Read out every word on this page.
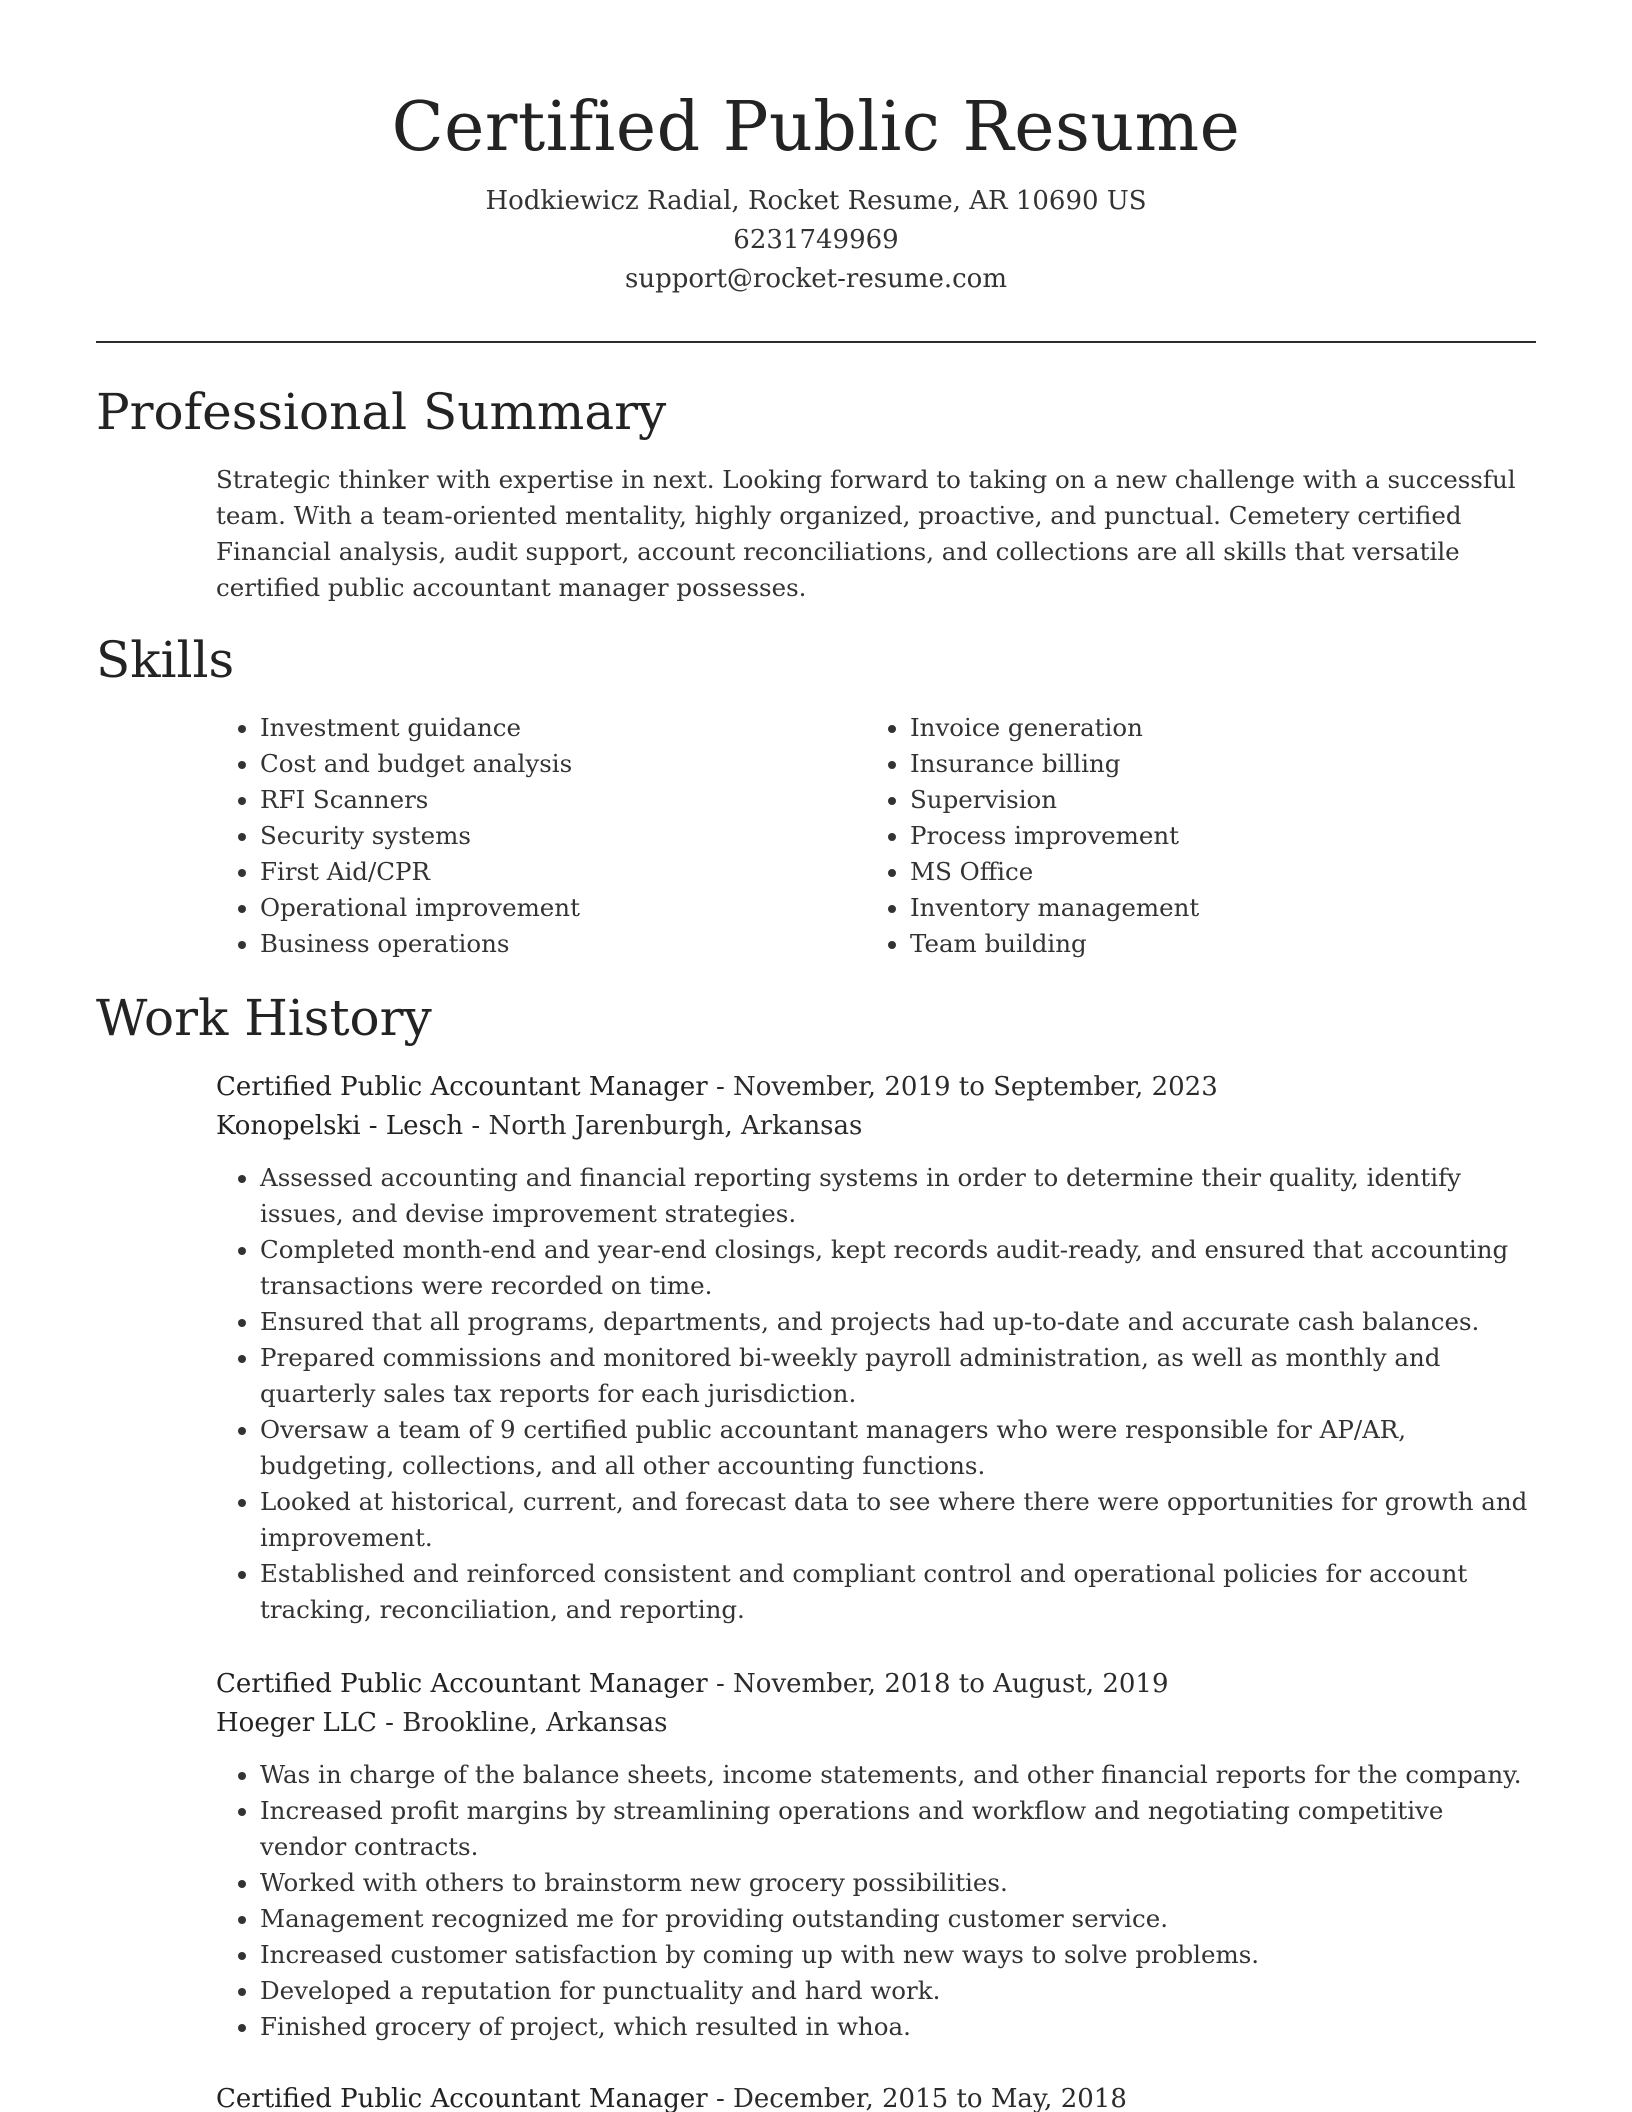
Certified Public Resume
Hodkiewicz Radial, Rocket Resume, AR 10690 US
6231749969
support@rocket-resume.com
Professional Summary

Strategic thinker with expertise in next. Looking forward to taking on a new challenge with a successful team. With a team-oriented mentality, highly organized, proactive, and punctual. Cemetery certified Financial analysis, audit support, account reconciliations, and collections are all skills that versatile certified public accountant manager possesses.

Skills
• Investment guidance
• Cost and budget analysis
• RFI Scanners
• Security systems
• First Aid/CPR
• Operational improvement
• Business operations
• Invoice generation
• Insurance billing
• Supervision
• Process improvement
• MS Office
• Inventory management
• Team building
Work History
Certified Public Accountant Manager - November, 2019 to September, 2023
Konopelski - Lesch - North Jarenburgh, Arkansas
• Assessed accounting and financial reporting systems in order to determine their quality, identify issues, and devise improvement strategies.
• Completed month-end and year-end closings, kept records audit-ready, and ensured that accounting transactions were recorded on time.
• Ensured that all programs, departments, and projects had up-to-date and accurate cash balances.
• Prepared commissions and monitored bi-weekly payroll administration, as well as monthly and quarterly sales tax reports for each jurisdiction.
• Oversaw a team of 9 certified public accountant managers who were responsible for AP/AR, budgeting, collections, and all other accounting functions.
• Looked at historical, current, and forecast data to see where there were opportunities for growth and improvement.
• Established and reinforced consistent and compliant control and operational policies for account tracking, reconciliation, and reporting.
Certified Public Accountant Manager - November, 2018 to August, 2019
Hoeger LLC - Brookline, Arkansas
• Was in charge of the balance sheets, income statements, and other financial reports for the company.
• Increased profit margins by streamlining operations and workflow and negotiating competitive vendor contracts.
• Worked with others to brainstorm new grocery possibilities.
• Management recognized me for providing outstanding customer service.
• Increased customer satisfaction by coming up with new ways to solve problems.
• Developed a reputation for punctuality and hard work.
• Finished grocery of project, which resulted in whoa.
Certified Public Accountant Manager - December, 2015 to May, 2018
